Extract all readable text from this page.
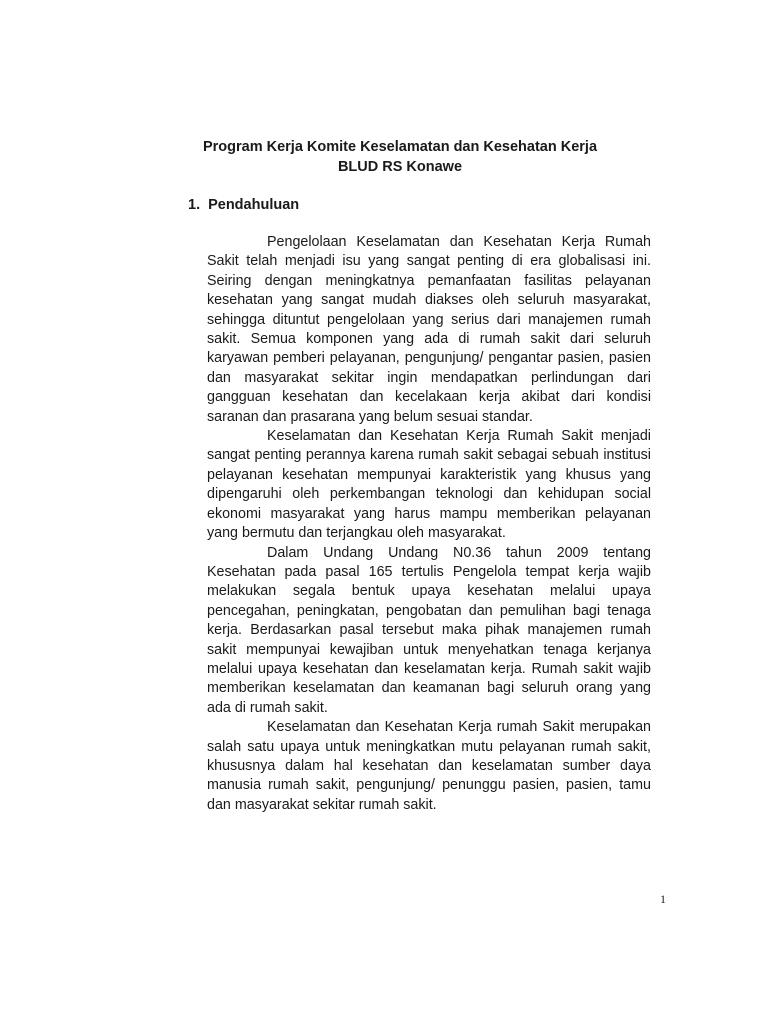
Program Kerja Komite Keselamatan dan Kesehatan Kerja
BLUD RS Konawe
1. Pendahuluan

Pengelolaan Keselamatan dan Kesehatan Kerja Rumah Sakit telah menjadi isu yang sangat penting di era globalisasi ini. Seiring dengan meningkatnya pemanfaatan fasilitas pelayanan kesehatan yang sangat mudah diakses oleh seluruh masyarakat, sehingga dituntut pengelolaan yang serius dari manajemen rumah sakit. Semua komponen yang ada di rumah sakit dari seluruh karyawan pemberi pelayanan, pengunjung/ pengantar pasien, pasien dan masyarakat sekitar ingin mendapatkan perlindungan dari gangguan kesehatan dan kecelakaan kerja akibat dari kondisi saranan dan prasarana yang belum sesuai standar.

Keselamatan dan Kesehatan Kerja Rumah Sakit menjadi sangat penting perannya karena rumah sakit sebagai sebuah institusi pelayanan kesehatan mempunyai karakteristik yang khusus yang dipengaruhi oleh perkembangan teknologi dan kehidupan social ekonomi masyarakat yang harus mampu memberikan pelayanan yang bermutu dan terjangkau oleh masyarakat.

Dalam Undang Undang N0.36 tahun 2009 tentang Kesehatan pada pasal 165 tertulis Pengelola tempat kerja wajib melakukan segala bentuk upaya kesehatan melalui upaya pencegahan, peningkatan, pengobatan dan pemulihan bagi tenaga kerja. Berdasarkan pasal tersebut maka pihak manajemen rumah sakit mempunyai kewajiban untuk menyehatkan tenaga kerjanya melalui upaya kesehatan dan keselamatan kerja. Rumah sakit wajib memberikan keselamatan dan keamanan bagi seluruh orang yang ada di rumah sakit.

Keselamatan dan Kesehatan Kerja rumah Sakit merupakan salah satu upaya untuk meningkatkan mutu pelayanan rumah sakit, khususnya dalam hal kesehatan dan keselamatan sumber daya manusia rumah sakit, pengunjung/ penunggu pasien, pasien, tamu dan masyarakat sekitar rumah sakit.

1
